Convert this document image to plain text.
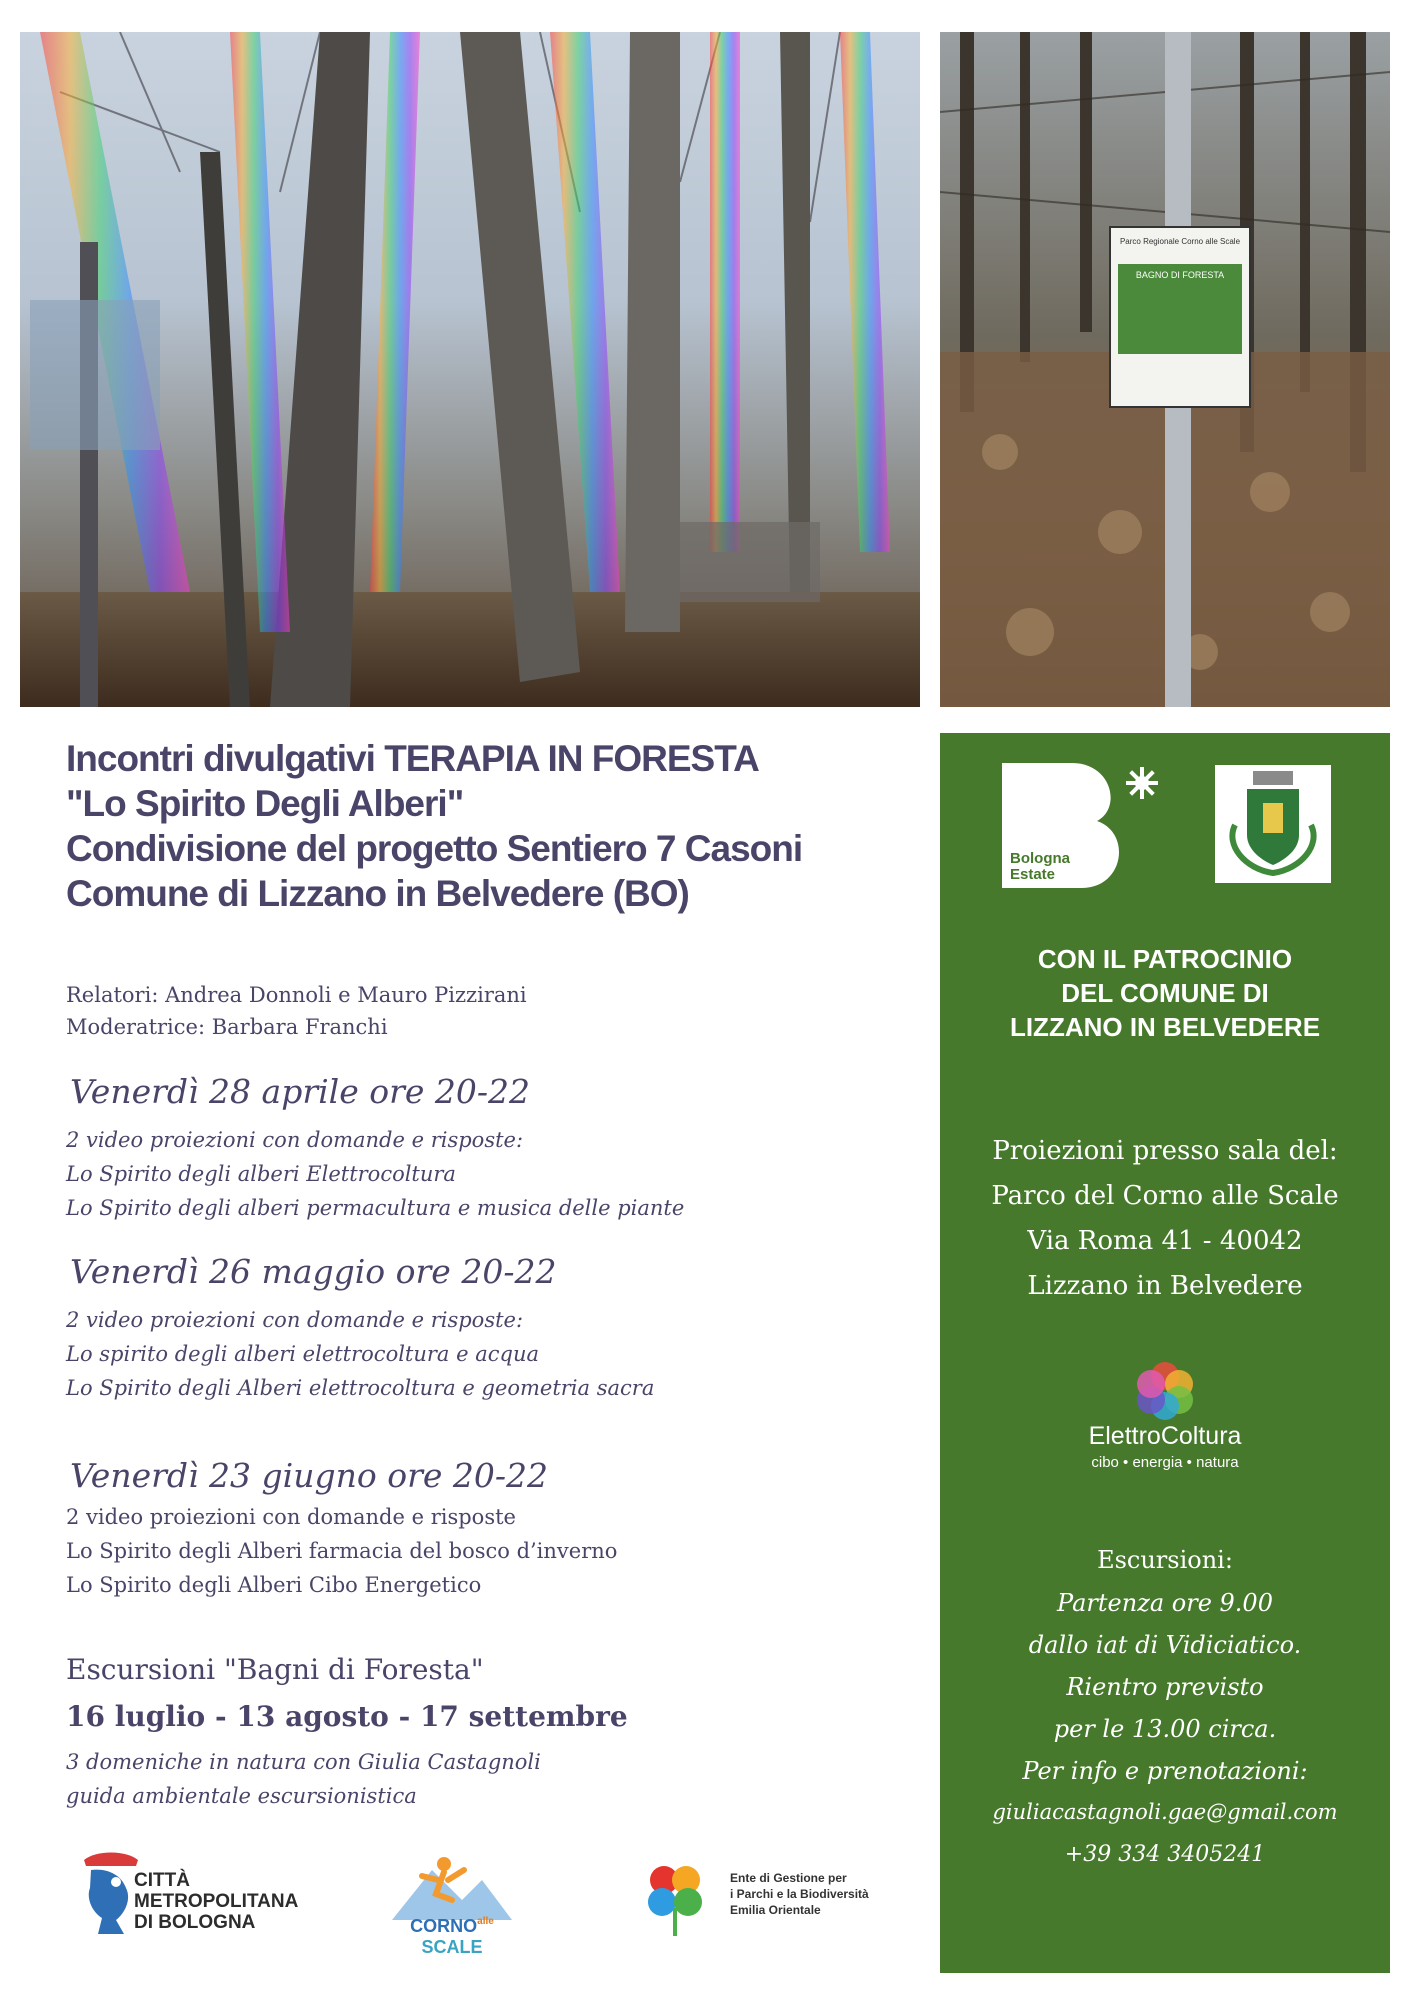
Parco Regionale Corno alle Scale
BAGNO DI FORESTA
Incontri divulgativi TERAPIA IN FORESTA
"Lo Spirito Degli Alberi"
Condivisione del progetto Sentiero 7 Casoni
Comune di Lizzano in Belvedere (BO)
Relatori: Andrea Donnoli e Mauro Pizzirani
Moderatrice: Barbara Franchi
Venerdì 28 aprile ore 20-22
2 video proiezioni con domande e risposte:
Lo Spirito degli alberi Elettrocoltura
Lo Spirito degli alberi permacultura e musica delle piante
Venerdì 26 maggio ore 20-22
2 video proiezioni con domande e risposte:
Lo spirito degli alberi elettrocoltura e acqua
Lo Spirito degli Alberi elettrocoltura e geometria sacra
Venerdì 23 giugno ore 20-22
2 video proiezioni con domande e risposte
Lo Spirito degli Alberi farmacia del bosco d’inverno
Lo Spirito degli Alberi Cibo Energetico
Escursioni "Bagni di Foresta"
16 luglio - 13 agosto - 17 settembre
3 domeniche in natura con Giulia Castagnoli
guida ambientale escursionistica
CITTÀ
METROPOLITANA
DI BOLOGNA	$CORNO^{alle}$ SCALE
Ente di Gestione per
i Parchi e la Biodiversità
Emilia Orientale
Bologna Estate
CON IL PATROCINIO
DEL COMUNE DI
LIZZANO IN BELVEDERE
Proiezioni presso sala del:
Parco del Corno alle Scale
Via Roma 41 - 40042
Lizzano in Belvedere
ElettroColtura
cibo • energia • natura
Escursioni:
Partenza ore 9.00
dallo iat di Vidiciatico.
Rientro previsto
per le 13.00 circa.
Per info e prenotazioni:
giuliacastagnoli.gae@gmail.com
+39 334 3405241
